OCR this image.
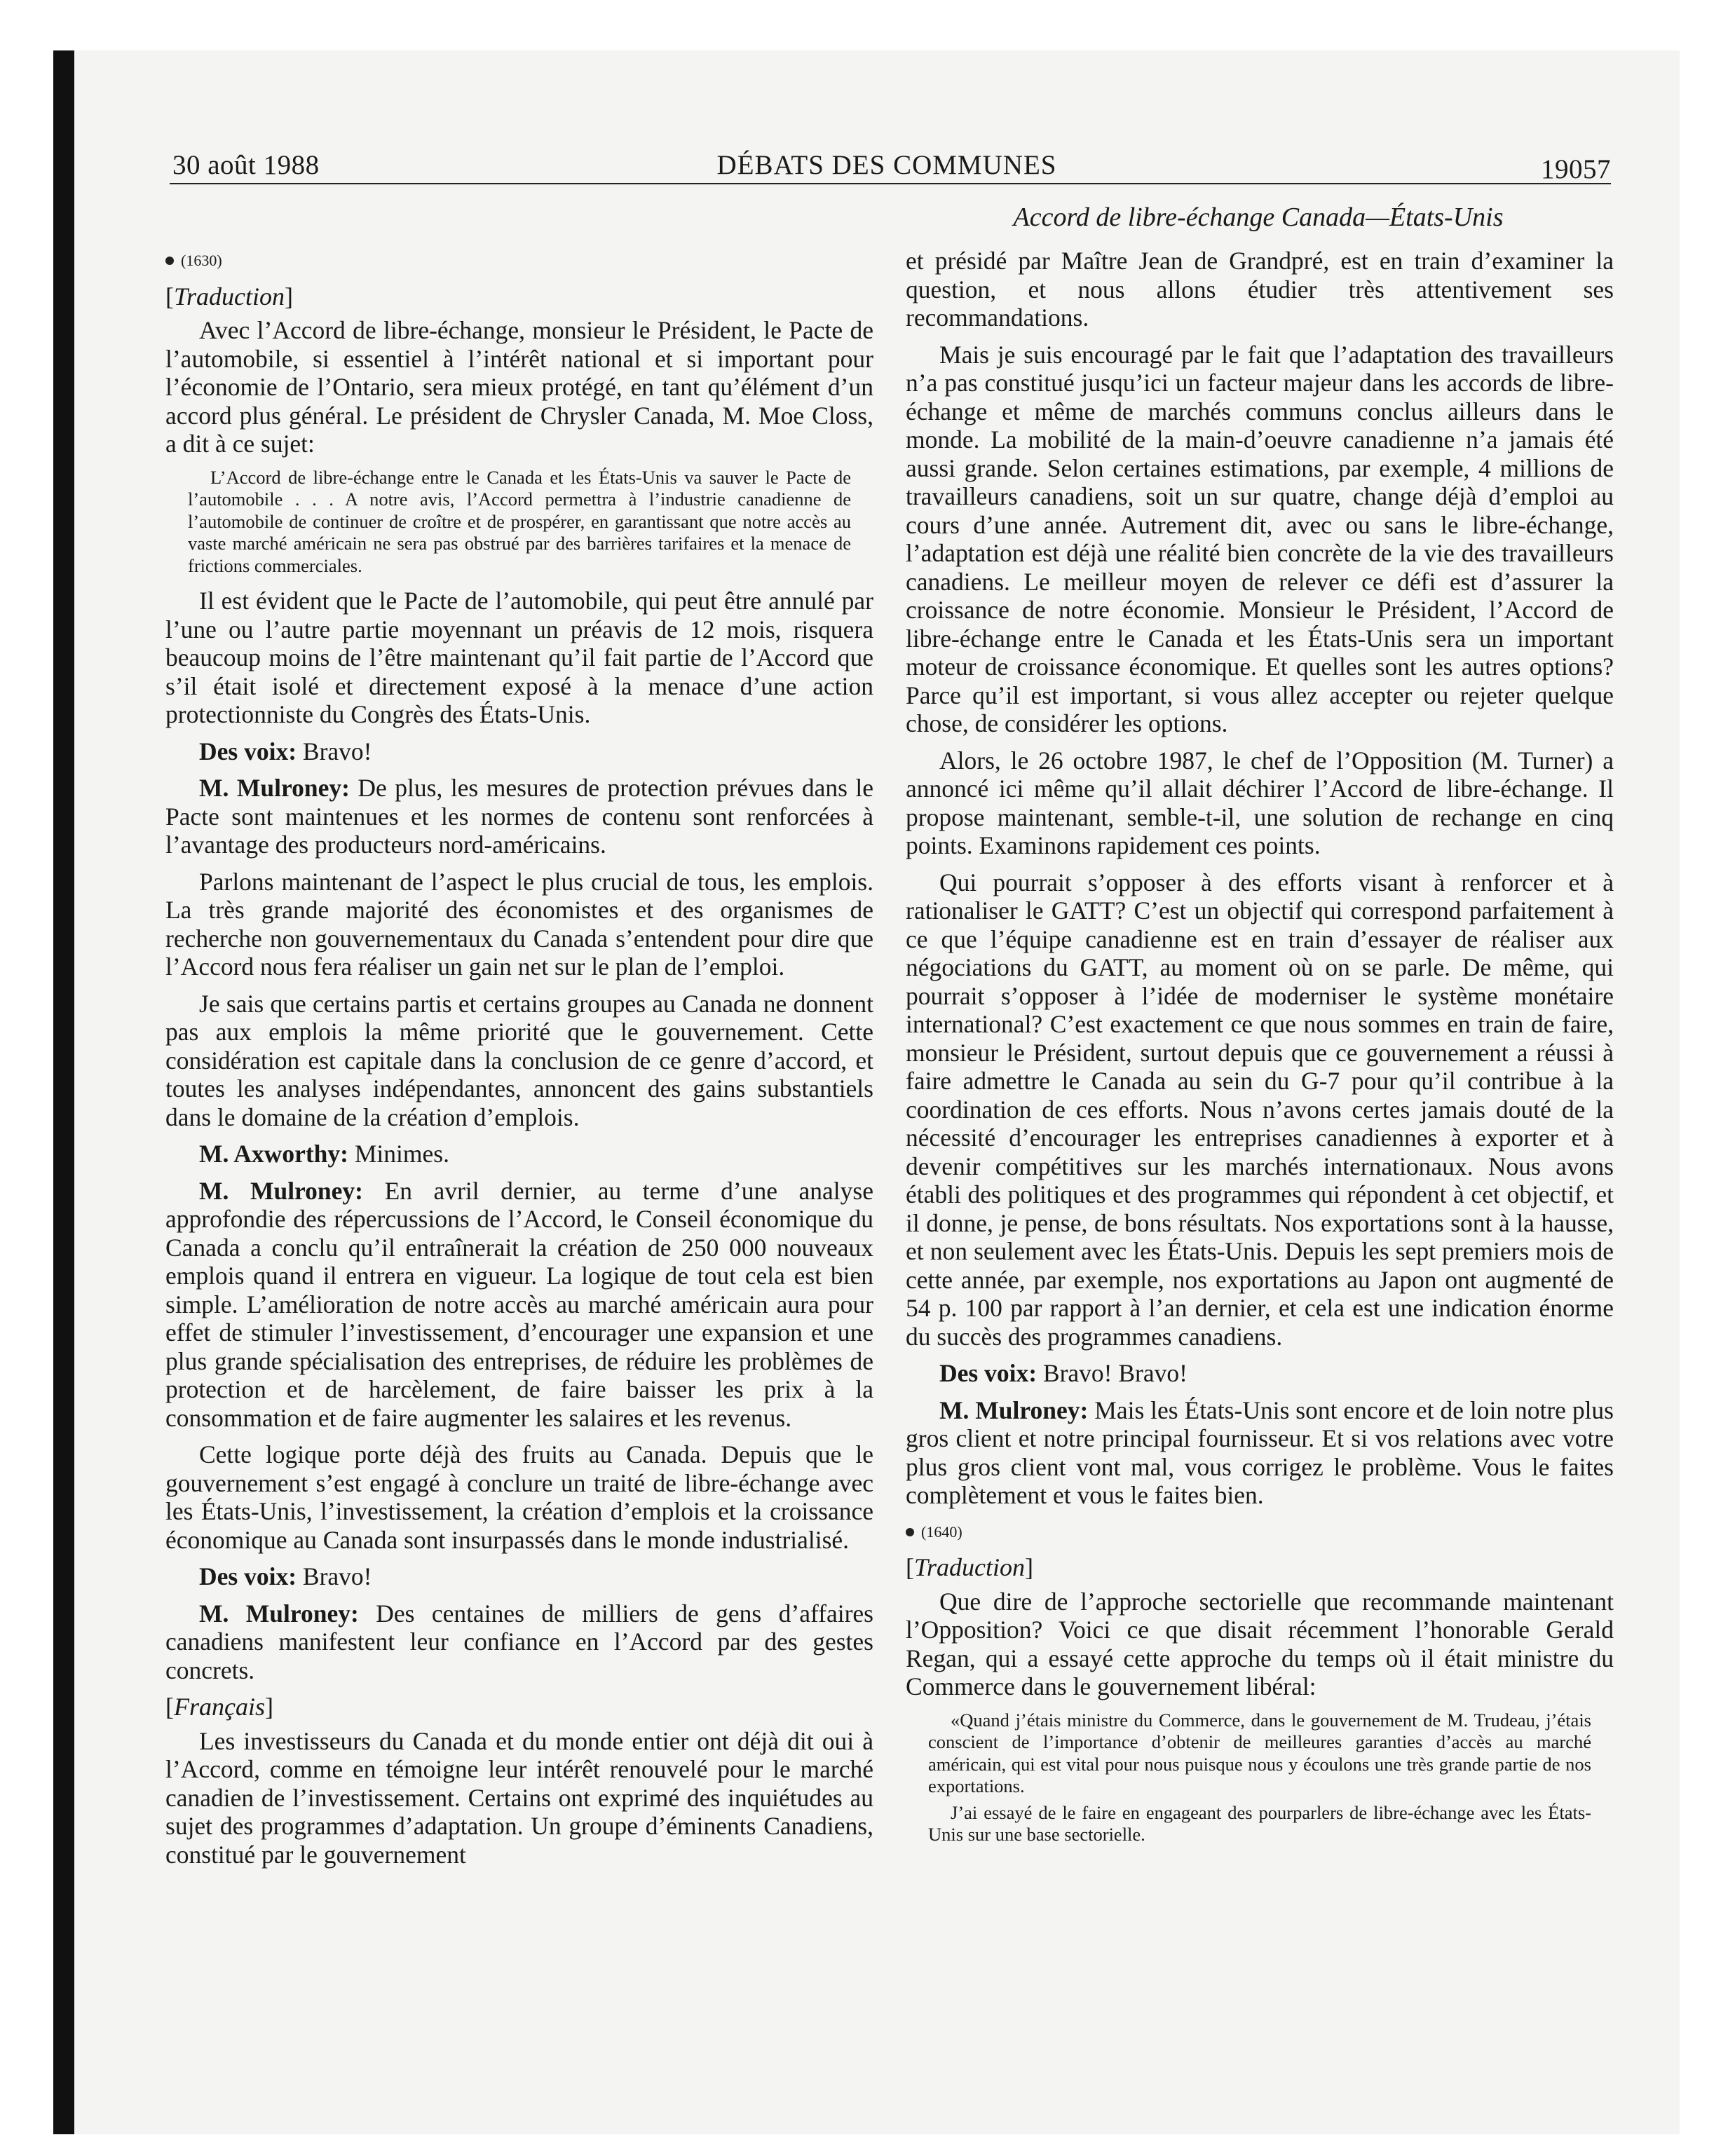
30 août 1988	DÉBATS DES COMMUNES	19057
Accord de libre-échange Canada—États-Unis
(1630)
[Traduction]

Avec l’Accord de libre-échange, monsieur le Président, le Pacte de l’automobile, si essentiel à l’intérêt national et si important pour l’économie de l’Ontario, sera mieux protégé, en tant qu’élément d’un accord plus général. Le président de Chrysler Canada, M. Moe Closs, a dit à ce sujet:

L’Accord de libre-échange entre le Canada et les États-Unis va sauver le Pacte de l’automobile . . . A notre avis, l’Accord permettra à l’industrie canadienne de l’automobile de continuer de croître et de prospérer, en garantissant que notre accès au vaste marché américain ne sera pas obstrué par des barrières tarifaires et la menace de frictions commerciales.

Il est évident que le Pacte de l’automobile, qui peut être annulé par l’une ou l’autre partie moyennant un préavis de 12 mois, risquera beaucoup moins de l’être maintenant qu’il fait partie de l’Accord que s’il était isolé et directement exposé à la menace d’une action protectionniste du Congrès des États-Unis.

Des voix: Bravo!

M. Mulroney: De plus, les mesures de protection prévues dans le Pacte sont maintenues et les normes de contenu sont renforcées à l’avantage des producteurs nord-américains.

Parlons maintenant de l’aspect le plus crucial de tous, les emplois. La très grande majorité des économistes et des organismes de recherche non gouvernementaux du Canada s’entendent pour dire que l’Accord nous fera réaliser un gain net sur le plan de l’emploi.

Je sais que certains partis et certains groupes au Canada ne donnent pas aux emplois la même priorité que le gouvernement. Cette considération est capitale dans la conclusion de ce genre d’accord, et toutes les analyses indépendantes, annoncent des gains substantiels dans le domaine de la création d’emplois.

M. Axworthy: Minimes.

M. Mulroney: En avril dernier, au terme d’une analyse approfondie des répercussions de l’Accord, le Conseil économique du Canada a conclu qu’il entraînerait la création de 250 000 nouveaux emplois quand il entrera en vigueur. La logique de tout cela est bien simple. L’amélioration de notre accès au marché américain aura pour effet de stimuler l’investissement, d’encourager une expansion et une plus grande spécialisation des entreprises, de réduire les problèmes de protection et de harcèlement, de faire baisser les prix à la consommation et de faire augmenter les salaires et les revenus.

Cette logique porte déjà des fruits au Canada. Depuis que le gouvernement s’est engagé à conclure un traité de libre-échange avec les États-Unis, l’investissement, la création d’emplois et la croissance économique au Canada sont insurpassés dans le monde industrialisé.

Des voix: Bravo!

M. Mulroney: Des centaines de milliers de gens d’affaires canadiens manifestent leur confiance en l’Accord par des gestes concrets.

[Français]

Les investisseurs du Canada et du monde entier ont déjà dit oui à l’Accord, comme en témoigne leur intérêt renouvelé pour le marché canadien de l’investissement. Certains ont exprimé des inquiétudes au sujet des programmes d’adaptation. Un groupe d’éminents Canadiens, constitué par le gouvernement

et présidé par Maître Jean de Grandpré, est en train d’examiner la question, et nous allons étudier très attentivement ses recommandations.

Mais je suis encouragé par le fait que l’adaptation des travailleurs n’a pas constitué jusqu’ici un facteur majeur dans les accords de libre-échange et même de marchés communs conclus ailleurs dans le monde. La mobilité de la main-d’oeuvre canadienne n’a jamais été aussi grande. Selon certaines estimations, par exemple, 4 millions de travailleurs canadiens, soit un sur quatre, change déjà d’emploi au cours d’une année. Autrement dit, avec ou sans le libre-échange, l’adaptation est déjà une réalité bien concrète de la vie des travailleurs canadiens. Le meilleur moyen de relever ce défi est d’assurer la croissance de notre économie. Monsieur le Président, l’Accord de libre-échange entre le Canada et les États-Unis sera un important moteur de croissance économique. Et quelles sont les autres options? Parce qu’il est important, si vous allez accepter ou rejeter quelque chose, de considérer les options.

Alors, le 26 octobre 1987, le chef de l’Opposition (M. Turner) a annoncé ici même qu’il allait déchirer l’Accord de libre-échange. Il propose maintenant, semble-t-il, une solution de rechange en cinq points. Examinons rapidement ces points.

Qui pourrait s’opposer à des efforts visant à renforcer et à rationaliser le GATT? C’est un objectif qui correspond parfaitement à ce que l’équipe canadienne est en train d’essayer de réaliser aux négociations du GATT, au moment où on se parle. De même, qui pourrait s’opposer à l’idée de moderniser le système monétaire international? C’est exactement ce que nous sommes en train de faire, monsieur le Président, surtout depuis que ce gouvernement a réussi à faire admettre le Canada au sein du G-7 pour qu’il contribue à la coordination de ces efforts. Nous n’avons certes jamais douté de la nécessité d’encourager les entreprises canadiennes à exporter et à devenir compétitives sur les marchés internationaux. Nous avons établi des politiques et des programmes qui répondent à cet objectif, et il donne, je pense, de bons résultats. Nos exportations sont à la hausse, et non seulement avec les États-Unis. Depuis les sept premiers mois de cette année, par exemple, nos exportations au Japon ont augmenté de 54 p. 100 par rapport à l’an dernier, et cela est une indication énorme du succès des programmes canadiens.

Des voix: Bravo! Bravo!

M. Mulroney: Mais les États-Unis sont encore et de loin notre plus gros client et notre principal fournisseur. Et si vos relations avec votre plus gros client vont mal, vous corrigez le problème. Vous le faites complètement et vous le faites bien.

(1640)
[Traduction]

Que dire de l’approche sectorielle que recommande maintenant l’Opposition? Voici ce que disait récemment l’honorable Gerald Regan, qui a essayé cette approche du temps où il était ministre du Commerce dans le gouvernement libéral:

«Quand j’étais ministre du Commerce, dans le gouvernement de M. Trudeau, j’étais conscient de l’importance d’obtenir de meilleures garanties d’accès au marché américain, qui est vital pour nous puisque nous y écoulons une très grande partie de nos exportations.
J’ai essayé de le faire en engageant des pourparlers de libre-échange avec les États-Unis sur une base sectorielle.
